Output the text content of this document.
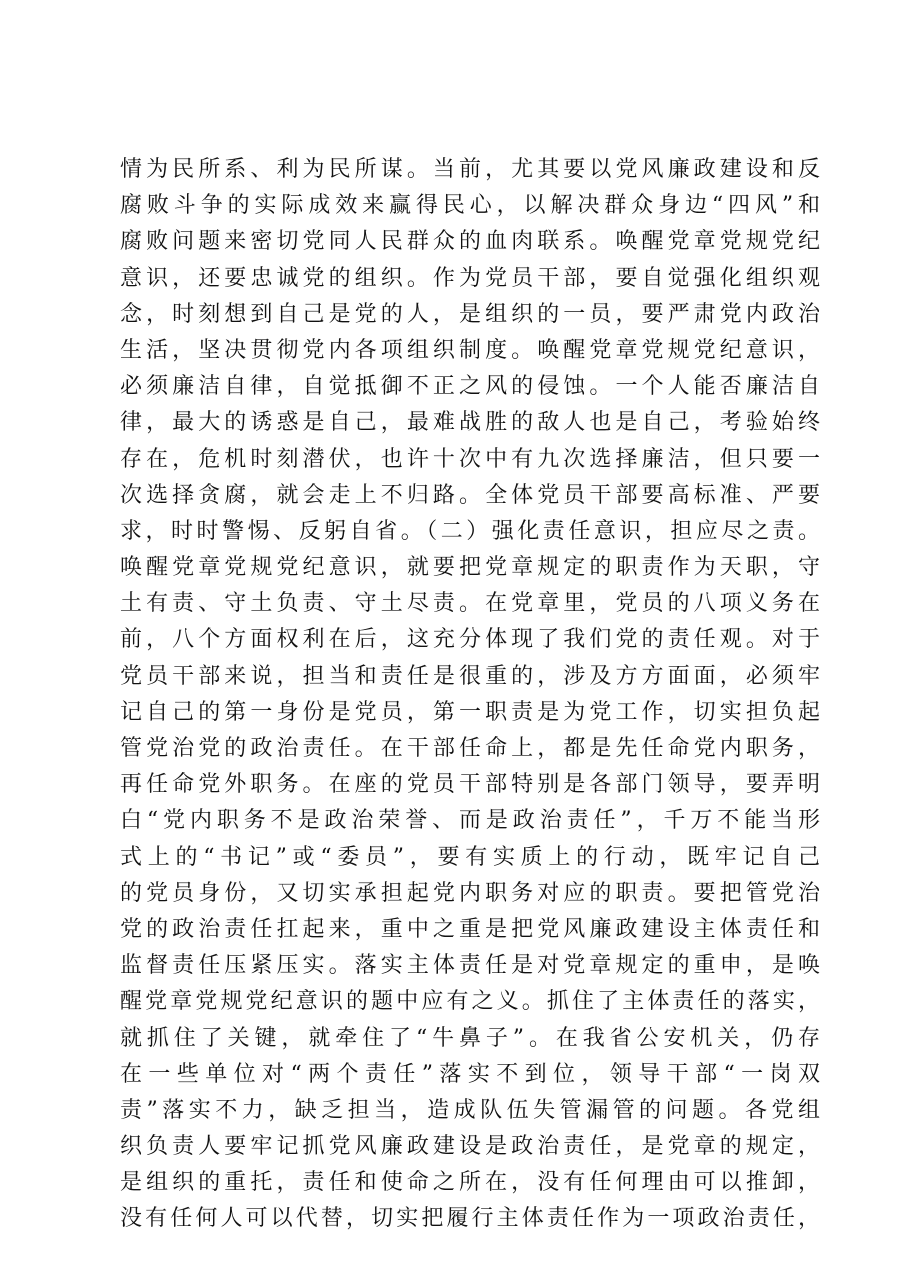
情为民所系、利为民所谋。当前，尤其要以党风廉政建设和反
腐败斗争的实际成效来赢得民心，以解决群众身边“四风”和
腐败问题来密切党同人民群众的血肉联系。唤醒党章党规党纪
意识，还要忠诚党的组织。作为党员干部，要自觉强化组织观
念，时刻想到自己是党的人，是组织的一员，要严肃党内政治
生活，坚决贯彻党内各项组织制度。唤醒党章党规党纪意识，
必须廉洁自律，自觉抵御不正之风的侵蚀。一个人能否廉洁自
律，最大的诱惑是自己，最难战胜的敌人也是自己，考验始终
存在，危机时刻潜伏，也许十次中有九次选择廉洁，但只要一
次选择贪腐，就会走上不归路。全体党员干部要高标准、严要
求，时时警惕、反躬自省。（二）强化责任意识，担应尽之责。
唤醒党章党规党纪意识，就要把党章规定的职责作为天职，守
土有责、守土负责、守土尽责。在党章里，党员的八项义务在
前，八个方面权利在后，这充分体现了我们党的责任观。对于
党员干部来说，担当和责任是很重的，涉及方方面面，必须牢
记自己的第一身份是党员，第一职责是为党工作，切实担负起
管党治党的政治责任。在干部任命上，都是先任命党内职务，
再任命党外职务。在座的党员干部特别是各部门领导，要弄明
白“党内职务不是政治荣誉、而是政治责任”，千万不能当形
式上的“书记”或“委员”，要有实质上的行动，既牢记自己
的党员身份，又切实承担起党内职务对应的职责。要把管党治
党的政治责任扛起来，重中之重是把党风廉政建设主体责任和
监督责任压紧压实。落实主体责任是对党章规定的重申，是唤
醒党章党规党纪意识的题中应有之义。抓住了主体责任的落实，
就抓住了关键，就牵住了“牛鼻子”。在我省公安机关，仍存
在一些单位对“两个责任”落实不到位，领导干部“一岗双
责”落实不力，缺乏担当，造成队伍失管漏管的问题。各党组
织负责人要牢记抓党风廉政建设是政治责任，是党章的规定，
是组织的重托，责任和使命之所在，没有任何理由可以推卸，
没有任何人可以代替，切实把履行主体责任作为一项政治责任，
